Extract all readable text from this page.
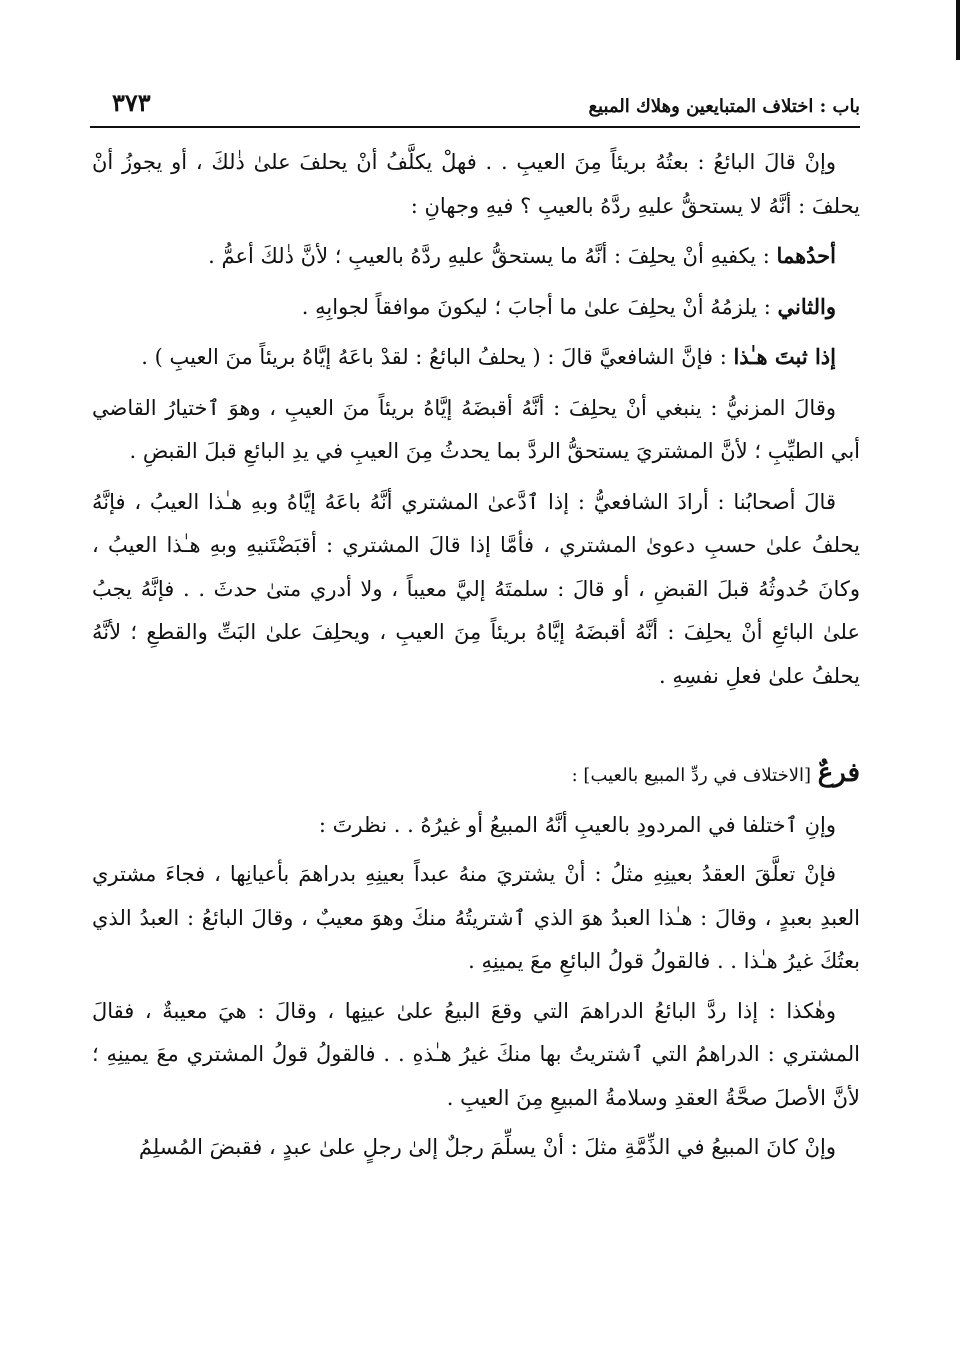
باب : اختلاف المتبايعين وهلاك المبيع
٣٧٣

وإنْ قالَ البائعُ : بعتُهُ بريئاً مِنَ العيبِ . . فهلْ يكلَّفُ أنْ يحلفَ علىٰ ذٰلكَ ، أو يجوزُ أنْ يحلفَ : أنَّهُ لا يستحقُّ عليهِ ردَّهُ بالعيبِ ؟ فيهِ وجهانِ :

أحدُهما : يكفيهِ أنْ يحلِفَ : أنَّهُ ما يستحقُّ عليهِ ردَّهُ بالعيبِ ؛ لأنَّ ذٰلكَ أعمُّ .

والثاني : يلزمُهُ أنْ يحلِفَ علىٰ ما أجابَ ؛ ليكونَ موافقاً لجوابِهِ .

إذا ثبتَ هـٰذا : فإنَّ الشافعيَّ قالَ : ( يحلفُ البائعُ : لقدْ باعَهُ إيَّاهُ بريئاً منَ العيبِ ) .

وقالَ المزنيُّ : ينبغي أنْ يحلِفَ : أنَّهُ أقبضَهُ إيَّاهُ بريئاً منَ العيبِ ، وهوَ ٱختيارُ القاضي أبي الطيِّبِ ؛ لأنَّ المشتريَ يستحقُّ الردَّ بما يحدثُ مِنَ العيبِ في يدِ البائعِ قبلَ القبضِ .

قالَ أصحابُنا : أرادَ الشافعيُّ : إذا ٱدَّعىٰ المشتري أنَّهُ باعَهُ إيَّاهُ وبهِ هـٰذا العيبُ ، فإنَّهُ يحلفُ علىٰ حسبِ دعوىٰ المشتري ، فأمَّا إذا قالَ المشتري : أقبَضْتَنيهِ وبهِ هـٰذا العيبُ ، وكانَ حُدوثُهُ قبلَ القبضِ ، أو قالَ : سلمتَهُ إليَّ معيباً ، ولا أدري متىٰ حدثَ . . فإنَّهُ يجبُ علىٰ البائعِ أنْ يحلِفَ : أنَّهُ أقبضَهُ إيَّاهُ بريئاً مِنَ العيبِ ، ويحلِفَ علىٰ البَتِّ والقطعِ ؛ لأنَّهُ يحلفُ علىٰ فعلِ نفسِهِ .

فرعٌ [الاختلاف في ردِّ المبيع بالعيب] :

وإنِ ٱختلفا في المردودِ بالعيبِ أنَّهُ المبيعُ أو غيرُهُ . . نظرتَ :

فإنْ تعلَّقَ العقدُ بعينِهِ مثلُ : أنْ يشتريَ منهُ عبداً بعينِهِ بدراهمَ بأعيانِها ، فجاءَ مشتري العبدِ بعبدٍ ، وقالَ : هـٰذا العبدُ هوَ الذي ٱشتريتُهُ منكَ وهوَ معيبٌ ، وقالَ البائعُ : العبدُ الذي بعتُكَ غيرُ هـٰذا . . فالقولُ قولُ البائعِ معَ يمينِهِ .

وهٰكذا : إذا ردَّ البائعُ الدراهمَ التي وقعَ البيعُ علىٰ عينِها ، وقالَ : هيَ معيبةٌ ، فقالَ المشتري : الدراهمُ التي ٱشتريتُ بها منكَ غيرُ هـٰذهِ . . فالقولُ قولُ المشتري معَ يمينِهِ ؛ لأنَّ الأصلَ صحَّةُ العقدِ وسلامةُ المبيعِ مِنَ العيبِ .

وإنْ كانَ المبيعُ في الذِّمَّةِ مثلَ : أنْ يسلِّمَ رجلٌ إلىٰ رجلٍ علىٰ عبدٍ ، فقبضَ المُسلِمُ
